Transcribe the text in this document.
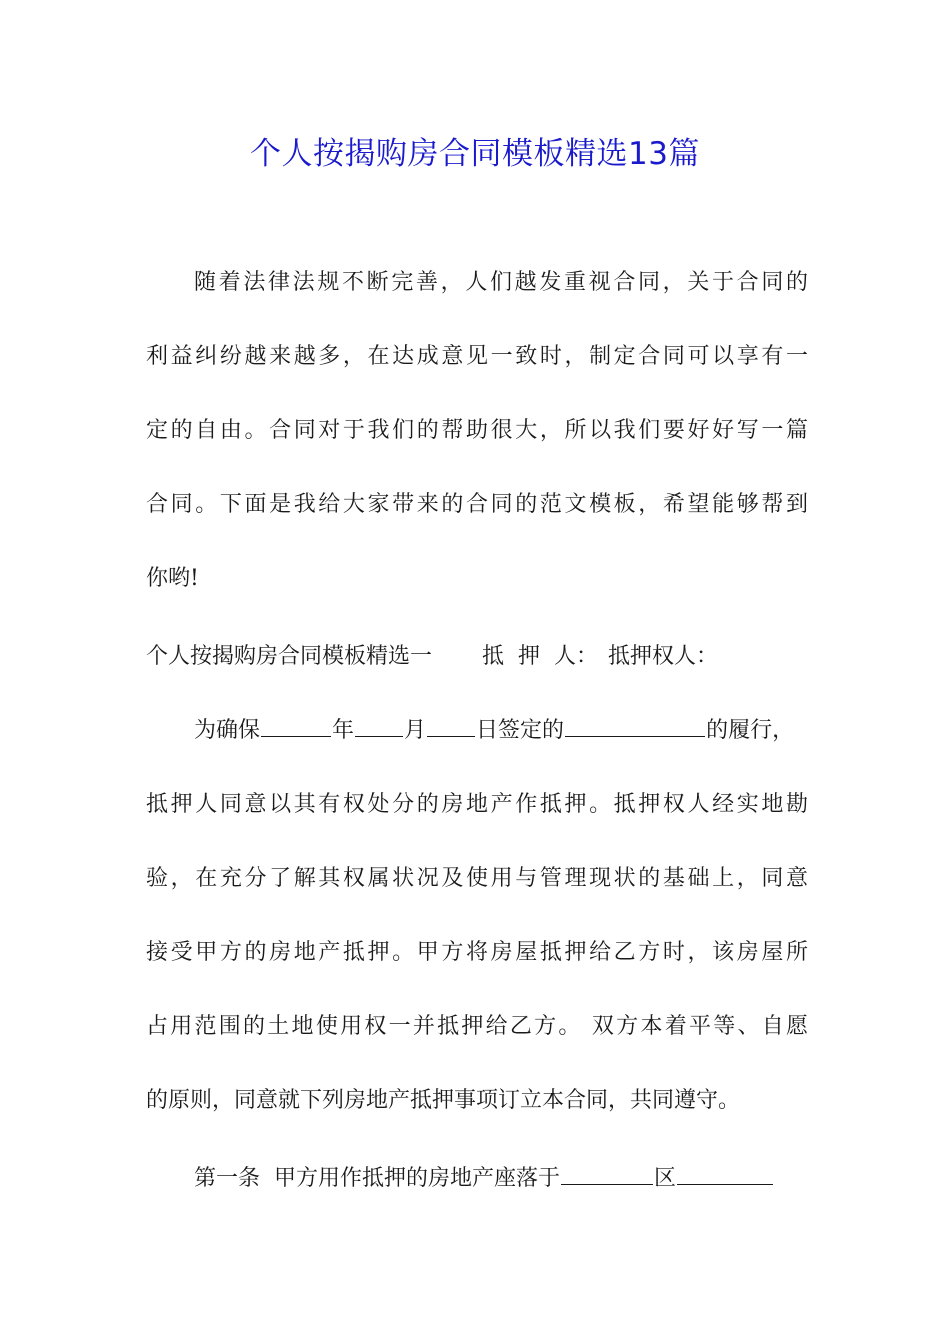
个人按揭购房合同模板精选13篇
随着法律法规不断完善，人们越发重视合同，关于合同的
利益纠纷越来越多，在达成意见一致时，制定合同可以享有一
定的自由。合同对于我们的帮助很大，所以我们要好好写一篇
合同。下面是我给大家带来的合同的范文模板，希望能够帮到
你哟!
个人按揭购房合同模板精选一 抵  押  人： 抵押权人：
为确保	年 月 日签定的	的履行，
抵押人同意以其有权处分的房地产作抵押。抵押权人经实地勘
验，在充分了解其权属状况及使用与管理现状的基础上，同意
接受甲方的房地产抵押。甲方将房屋抵押给乙方时，该房屋所
占用范围的土地使用权一并抵押给乙方。 双方本着平等、自愿
的原则，同意就下列房地产抵押事项订立本合同，共同遵守。
第一条  甲方用作抵押的房地产座落于	区
